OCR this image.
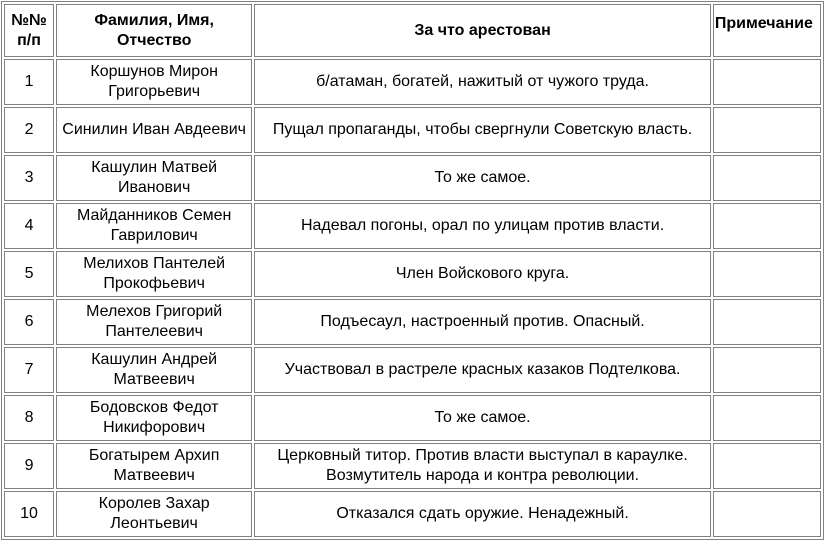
№№ п/п	Фамилия, Имя, Отчество	За что арестован	Примечание
1	Коршунов Мирон Григорьевич	б/атаман, богатей, нажитый от чужого труда.	
2	Синилин Иван Авдеевич	Пущал пропаганды, чтобы свергнули Советскую власть.	
3	Кашулин Матвей Иванович	То же самое.	
4	Майданников Семен Гаврилович	Надевал погоны, орал по улицам против власти.	
5	Мелихов Пантелей Прокофьевич	Член Войскового круга.	
6	Мелехов Григорий Пантелеевич	Подъесаул, настроенный против. Опасный.	
7	Кашулин Андрей Матвеевич	Участвовал в растреле красных казаков Подтелкова.	
8	Бодовсков Федот Никифорович	То же самое.	
9	Богатырем Архип Матвеевич	Церковный титор. Против власти выступал в караулке. Возмутитель народа и контра революции.	
10	Королев Захар Леонтьевич	Отказался сдать оружие. Ненадежный.	
